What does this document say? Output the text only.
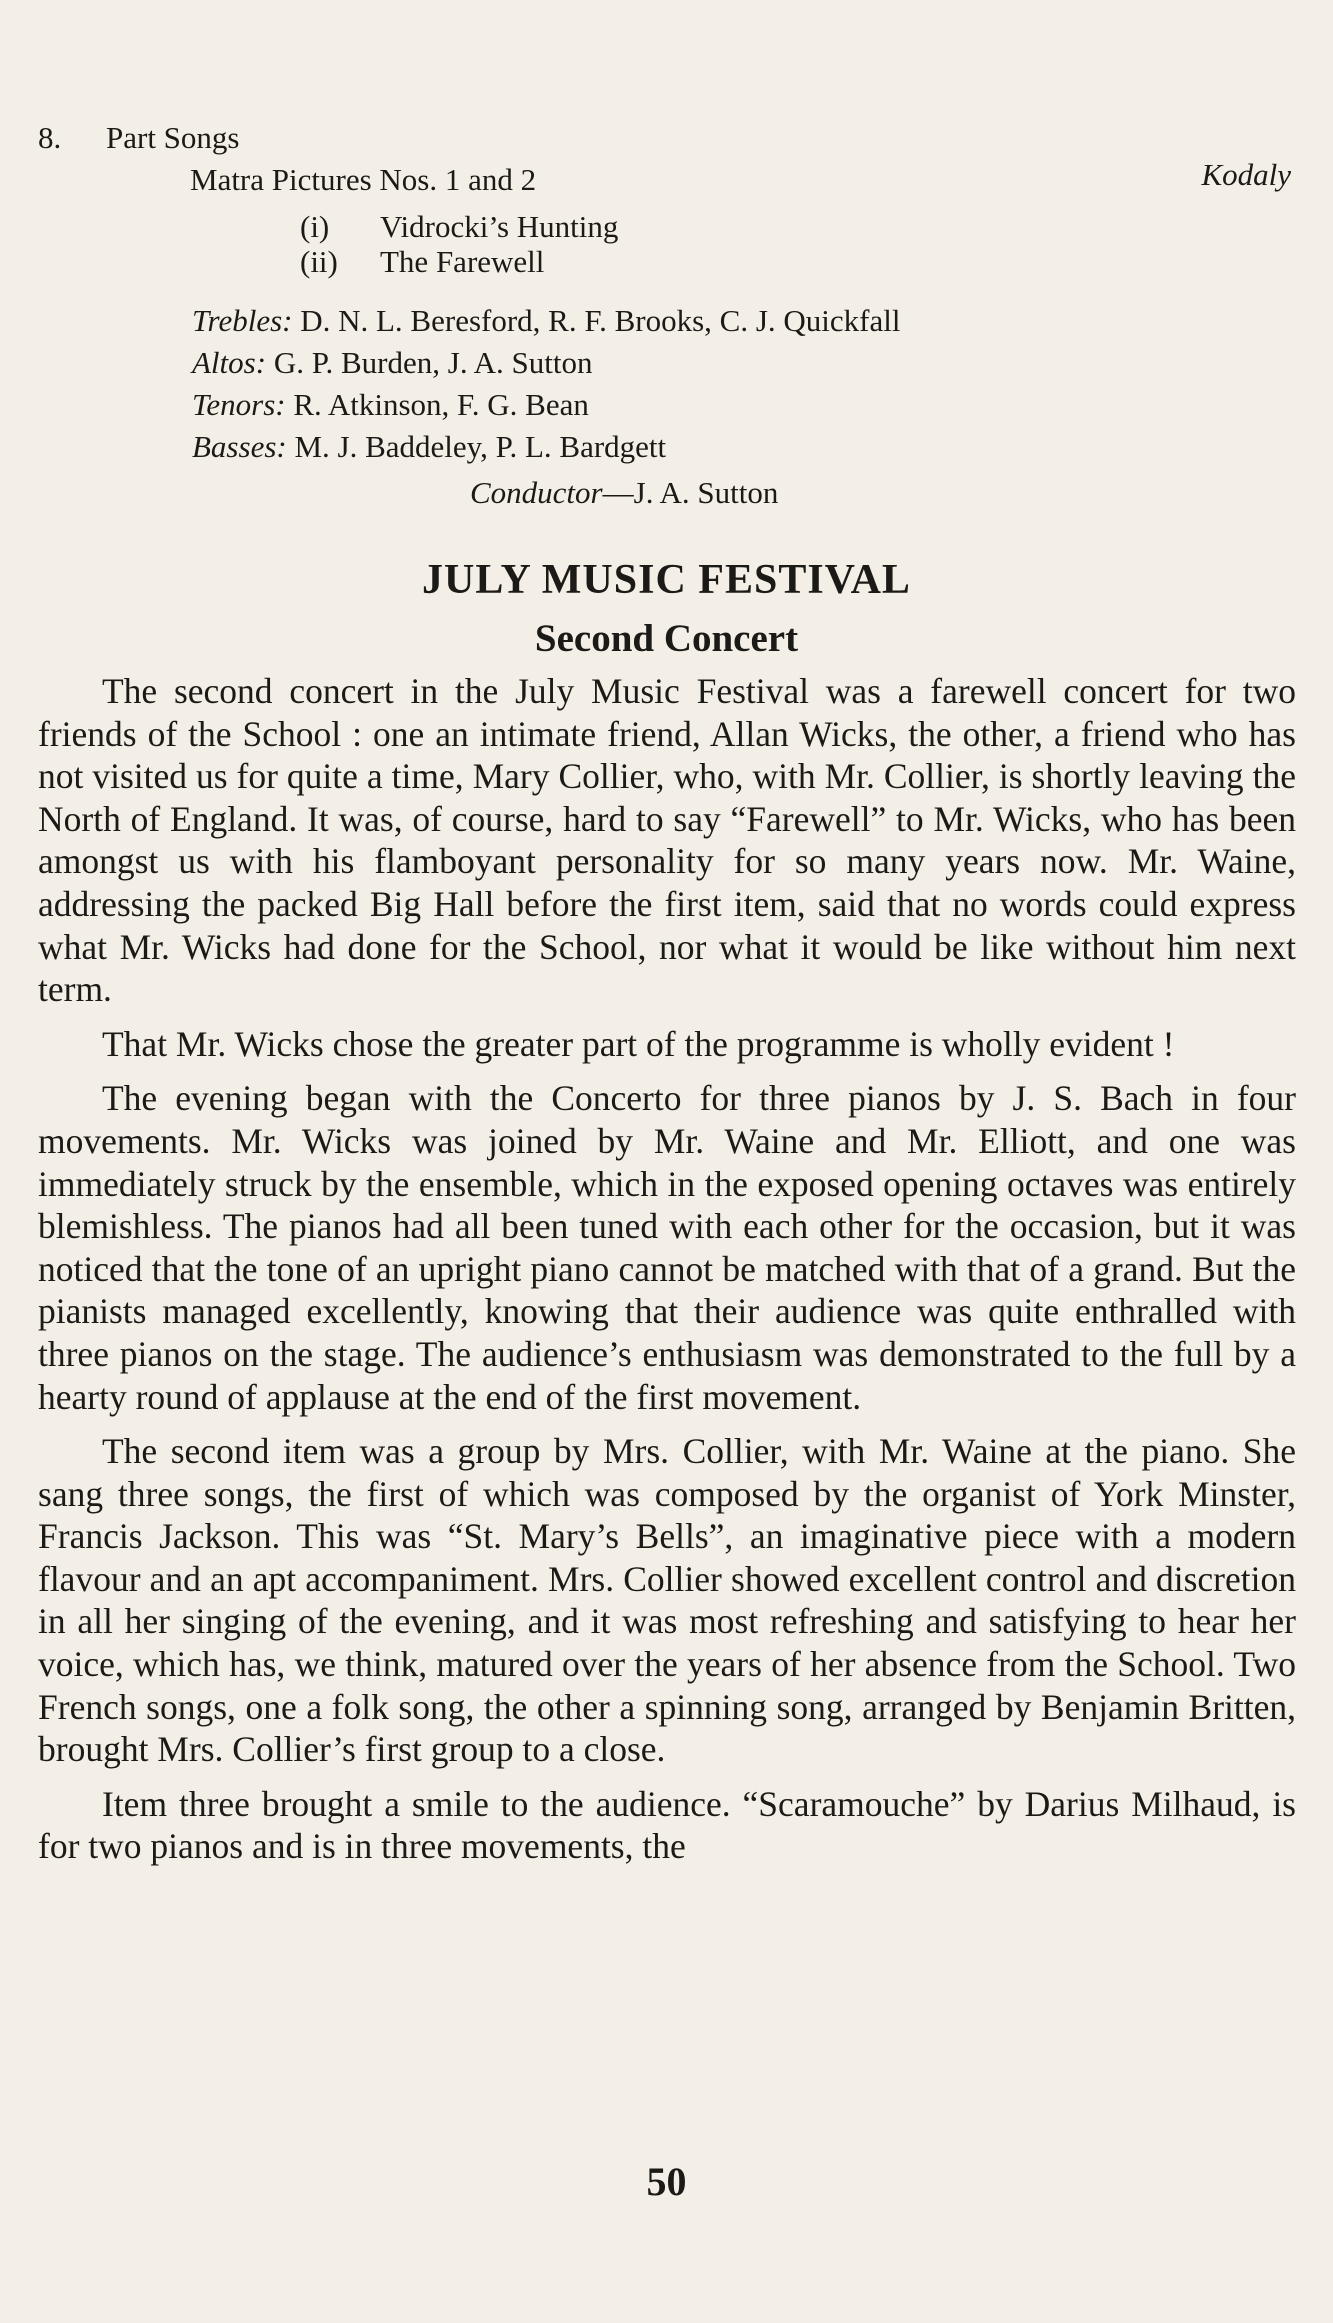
8. Part Songs
Matra Pictures Nos. 1 and 2	Kodaly
(i) Vidrocki’s Hunting
(ii) The Farewell
Trebles: D. N. L. Beresford, R. F. Brooks, C. J. Quickfall
Altos: G. P. Burden, J. A. Sutton
Tenors: R. Atkinson, F. G. Bean
Basses: M. J. Baddeley, P. L. Bardgett
Conductor—J. A. Sutton
JULY MUSIC FESTIVAL
Second Concert

The second concert in the July Music Festival was a farewell concert for two friends of the School : one an intimate friend, Allan Wicks, the other, a friend who has not visited us for quite a time, Mary Collier, who, with Mr. Collier, is shortly leaving the North of England. It was, of course, hard to say “Farewell” to Mr. Wicks, who has been amongst us with his flamboyant personality for so many years now. Mr. Waine, addressing the packed Big Hall before the first item, said that no words could express what Mr. Wicks had done for the School, nor what it would be like without him next term.

That Mr. Wicks chose the greater part of the programme is wholly evident !

The evening began with the Concerto for three pianos by J. S. Bach in four movements. Mr. Wicks was joined by Mr. Waine and Mr. Elliott, and one was immediately struck by the ensemble, which in the exposed opening octaves was entirely blemishless. The pianos had all been tuned with each other for the occasion, but it was noticed that the tone of an upright piano cannot be matched with that of a grand. But the pianists managed excellently, knowing that their audience was quite enthralled with three pianos on the stage. The audience’s enthusiasm was demonstrated to the full by a hearty round of applause at the end of the first movement.

The second item was a group by Mrs. Collier, with Mr. Waine at the piano. She sang three songs, the first of which was composed by the organist of York Minster, Francis Jackson. This was “St. Mary’s Bells”, an imaginative piece with a modern flavour and an apt accompaniment. Mrs. Collier showed excellent control and discretion in all her singing of the evening, and it was most refreshing and satisfying to hear her voice, which has, we think, matured over the years of her absence from the School. Two French songs, one a folk song, the other a spinning song, arranged by Benjamin Britten, brought Mrs. Collier’s first group to a close.

Item three brought a smile to the audience. “Scaramouche” by Darius Milhaud, is for two pianos and is in three movements, the

50
